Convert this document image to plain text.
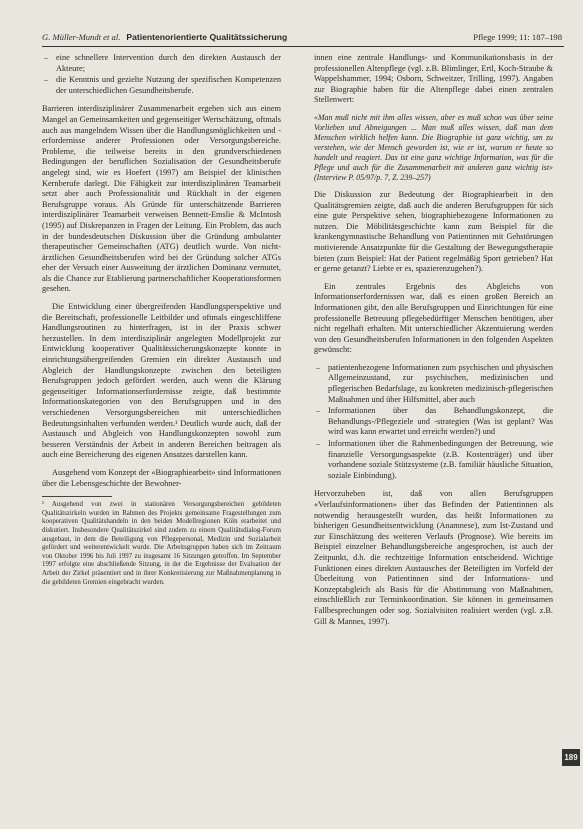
G. Müller-Mundt et al. Patientenorientierte Qualitätssicherung	Pflege 1999; 11: 187–198
– eine schnellere Intervention durch den direkten Austausch der Akteure;
– die Kenntnis und gezielte Nutzung der spezifischen Kompetenzen der unterschiedlichen Gesundheitsberufe.

Barrieren interdisziplinärer Zusammenarbeit ergeben sich aus einem Mangel an Gemeinsamkeiten und gegenseitiger Wertschätzung, oftmals auch aus mangelndem Wissen über die Handlungsmöglichkeiten und -erfordernisse anderer Professionen oder Versorgungsbereiche. Probleme, die teilweise bereits in den grundverschiedenen Bedingungen der beruflichen Sozialisation der Gesundheitsberufe angelegt sind, wie es Hoefert (1997) am Beispiel der klinischen Kernberufe darlegt. Die Fähigkeit zur interdisziplinären Teamarbeit setzt aber auch Professionalität und Rückhalt in der eigenen Berufsgruppe voraus. Als Gründe für unterschätzende Barrieren interdisziplinärer Teamarbeit verweisen Bennett-Emslie & McIntosh (1995) auf Diskrepanzen in Fragen der Leitung. Ein Problem, das auch in der bundesdeutschen Diskussion über die Gründung ambulanter therapeutischer Gemeinschaften (ATG) deutlich wurde. Von nicht-ärztlichen Gesundheitsberufen wird bei der Gründung solcher ATGs eher der Versuch einer Ausweitung der ärztlichen Dominanz vermutet, als die Chance zur Etablierung partnerschaftlicher Kooperationsformen gesehen.

Die Entwicklung einer übergreifenden Handlungsperspektive und die Bereitschaft, professionelle Leitbilder und oftmals eingeschliffene Handlungsroutinen zu hinterfragen, ist in der Praxis schwer herzustellen. In dem interdisziplinär angelegten Modellprojekt zur Entwicklung kooperativer Qualitätssicherungskonzepte konnte in einrichtungsübergreifenden Gremien ein direkter Austausch und Abgleich der Handlungskonzepte zwischen den beteiligten Berufsgruppen jedoch gefördert werden, auch wenn die Klärung gegenseitiger Informationserfordernisse zeigte, daß bestimmte Informationskategorien von den Berufsgruppen und in den verschiedenen Versorgungsbereichen mit unterschiedlichen Bedeutungsinhalten verbunden werden.¹ Deutlich wurde auch, daß der Austausch und Abgleich von Handlungskonzepten sowohl zum besseren Verständnis der Arbeit in anderen Bereichen beitragen als auch eine Bereicherung des eigenen Ansatzes darstellen kann.

Ausgehend vom Konzept der «Biographiearbeit» sind Informationen über die Lebensgeschichte der Bewohner-

¹ Ausgehend von zwei in stationären Versorgungsbereichen gebildeten Qualitätszirkeln wurden im Rahmen des Projekts gemeinsame Fragestellungen zum kooperativen Qualitätshandeln in den beiden Modellregionen Köln erarbeitet und diskutiert. Insbesondere Qualitätszirkel sind zudem zu einem Qualitätsdialog-Forum ausgebaut, in dem die Beteiligung von Pflegepersonal, Medizin und Sozialarbeit gefördert und weiterentwickelt wurde. Die Arbeitsgruppen haben sich im Zeitraum von Oktober 1996 bis Juli 1997 zu insgesamt 16 Sitzungen getroffen. Im September 1997 erfolgte eine abschließende Sitzung, in der die Ergebnisse der Evaluation der Arbeit der Zirkel präsentiert und in ihrer Konkretisierung zur Maßnahmenplanung in die gebildeten Gremien eingebracht wurden.

innen eine zentrale Handlungs- und Kommunikationsbasis in der professionellen Altenpflege (vgl. z.B. Blimlinger, Ertl, Koch-Straube & Wappelshammer, 1994; Osborn, Schweitzer, Trilling, 1997). Angaben zur Biographie haben für die Altenpflege dabei einen zentralen Stellenwert:

«Man muß nicht mit ihm alles wissen, aber es muß schon was über seine Vorlieben und Abneigungen ... Man muß alles wissen, daß man dem Menschen wirklich helfen kann. Die Biographie ist ganz wichtig, um zu verstehen, wie der Mensch geworden ist, wie er ist, warum er heute so handelt und reagiert. Das ist eine ganz wichtige Information, was für die Pflege und auch für die Zusammenarbeit mit anderen ganz wichtig ist» (Interview P. 05/97/p. 7, Z. 239–257)

Die Diskussion zur Bedeutung der Biographiearbeit in den Qualitätsgremien zeigte, daß auch die anderen Berufsgruppen für sich eine gute Perspektive sehen, biographiebezogene Informationen zu nutzen. Die Möbilitätsgeschichte kann zum Beispiel für die krankengymnastische Behandlung von Patientinnen mit Gehstörungen motivierende Ansatzpunkte für die Gestaltung der Bewegungstherapie bieten (zum Beispiel: Hat der Patient regelmäßig Sport getrieben? Hat er gerne getanzt? Liebte er es, spazierenzugehen?).

Ein zentrales Ergebnis des Abgleichs von Informationserfordernissen war, daß es einen großen Bereich an Informationen gibt, den alle Berufsgruppen und Einrichtungen für eine professionelle Betreuung pflegebedürftiger Menschen benötigen, aber nicht regelhaft erhalten. Mit unterschiedlicher Akzentuierung werden von den Gesundheitsberufen Informationen in den folgenden Aspekten gewünscht:

– patientenbezogene Informationen zum psychischen und physischen Allgemeinzustand, zur psychischen, medizinischen und pflegerischen Bedarfslage, zu konkreten medizinisch-pflegerischen Maßnahmen und über Hilfsmittel, aber auch
– Informationen über das Behandlungskonzept, die Behandlungs-/Pflegeziele und -strategien (Was ist geplant? Was wird was kann erwartet und erreicht werden?) und
– Informationen über die Rahmenbedingungen der Betreuung, wie finanzielle Versorgungsaspekte (z.B. Kostenträger) und über vorhandene soziale Stützsysteme (z.B. familiär häusliche Situation, soziale Einbindung).

Hervorzuheben ist, daß von allen Berufsgruppen «Verlaufsinformationen» über das Befinden der Patientinnen als notwendig herausgestellt wurden, das heißt Informationen zu bisherigen Gesundheitsentwicklung (Anamnese), zum Ist-Zustand und zur Einschätzung des weiteren Verlaufs (Prognose). Wie bereits im Beispiel einzelner Behandlungsbereiche angesprochen, ist auch der Zeitpunkt, d.h. die rechtzeitige Information entscheidend. Wichtige Funktionen eines direkten Austausches der Beteiligten im Vorfeld der Überleitung von Patientinnen sind der Informations- und Konzeptabgleich als Basis für die Abstimmung von Maßnahmen, einschließlich zur Terminkoordination. Sie können in gemeinsamen Fallbesprechungen oder sog. Sozialvisiten realisiert werden (vgl. z.B. Gill & Mannes, 1997).

189
